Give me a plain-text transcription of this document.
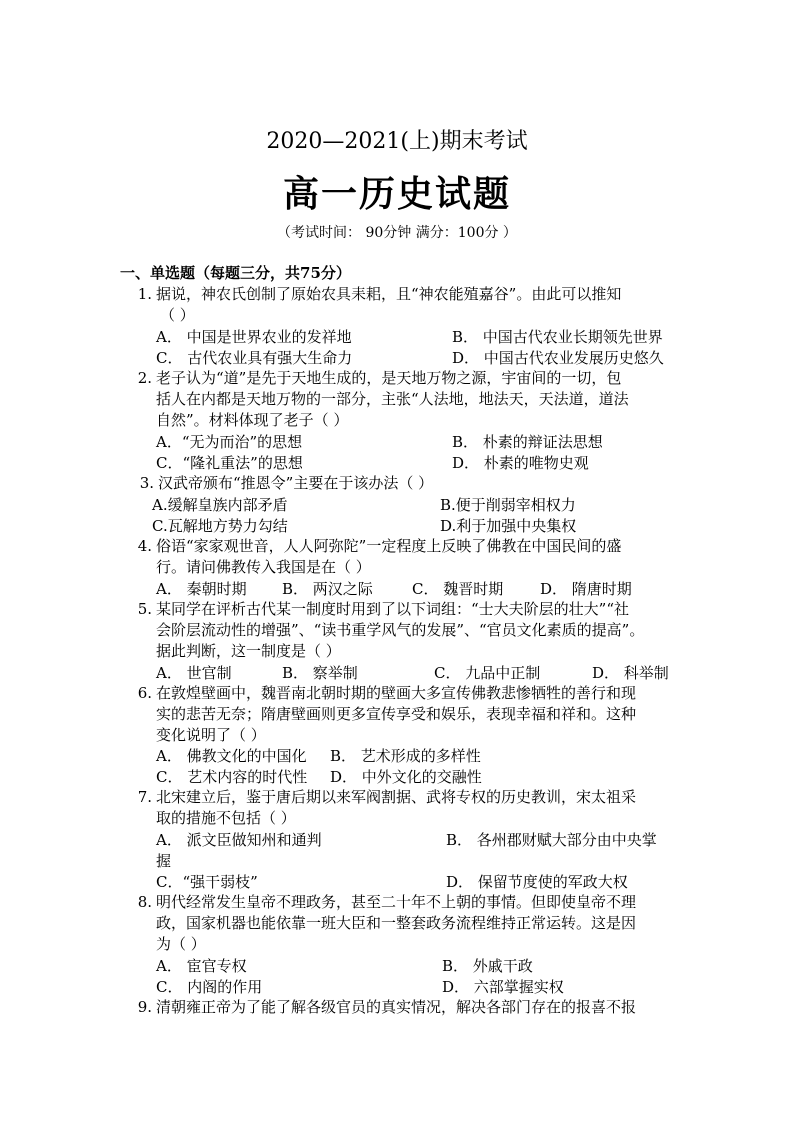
2020—2021(上)期末考试
高一历史试题
（考试时间： 90分钟 满分：100分 ）
一、单选题（每题三分，共75分）
1. 据说，神农氏创制了原始农具耒耜，且“神农能殖嘉谷”。由此可以推知
（ ）
A． 中国是世界农业的发祥地	B． 中国古代农业长期领先世界
C． 古代农业具有强大生命力	D． 中国古代农业发展历史悠久
2. 老子认为“道”是先于天地生成的，是天地万物之源，宇宙间的一切，包
括人在内都是天地万物的一部分，主张“人法地，地法天，天法道，道法
自然”。材料体现了老子（ ）
A．“无为而治”的思想	B． 朴素的辩证法思想
C．“隆礼重法”的思想	D． 朴素的唯物史观
3. 汉武帝颁布“推恩令”主要在于该办法（ ）
A.缓解皇族内部矛盾	B.便于削弱宰相权力
C.瓦解地方势力勾结	D.利于加强中央集权
4. 俗语“家家观世音，人人阿弥陀”一定程度上反映了佛教在中国民间的盛
行。请问佛教传入我国是在（ ）
A． 秦朝时期 B． 两汉之际	C． 魏晋时期 D． 隋唐时期
5. 某同学在评析古代某一制度时用到了以下词组：“士大夫阶层的壮大”“社
会阶层流动性的增强”、“读书重学风气的发展”、“官员文化素质的提高”。
据此判断，这一制度是（ ）
A． 世官制	B． 察举制	C． 九品中正制	D． 科举制
6. 在敦煌壁画中，魏晋南北朝时期的壁画大多宣传佛教悲惨牺牲的善行和现
实的悲苦无奈；隋唐壁画则更多宣传享受和娱乐，表现幸福和祥和。这种
变化说明了（ ）
A． 佛教文化的中国化 B． 艺术形成的多样性
C． 艺术内容的时代性 D． 中外文化的交融性
7. 北宋建立后，鉴于唐后期以来军阀割据、武将专权的历史教训，宋太祖采
取的措施不包括（ ）
A． 派文臣做知州和通判	B． 各州郡财赋大部分由中央掌
握
C．“强干弱枝”	D． 保留节度使的军政大权
8. 明代经常发生皇帝不理政务，甚至二十年不上朝的事情。但即使皇帝不理
政，国家机器也能依靠一班大臣和一整套政务流程维持正常运转。这是因
为（ ）
A． 宦官专权	B． 外戚干政
C． 内阁的作用	D． 六部掌握实权
9. 清朝雍正帝为了能了解各级官员的真实情况，解决各部门存在的报喜不报
